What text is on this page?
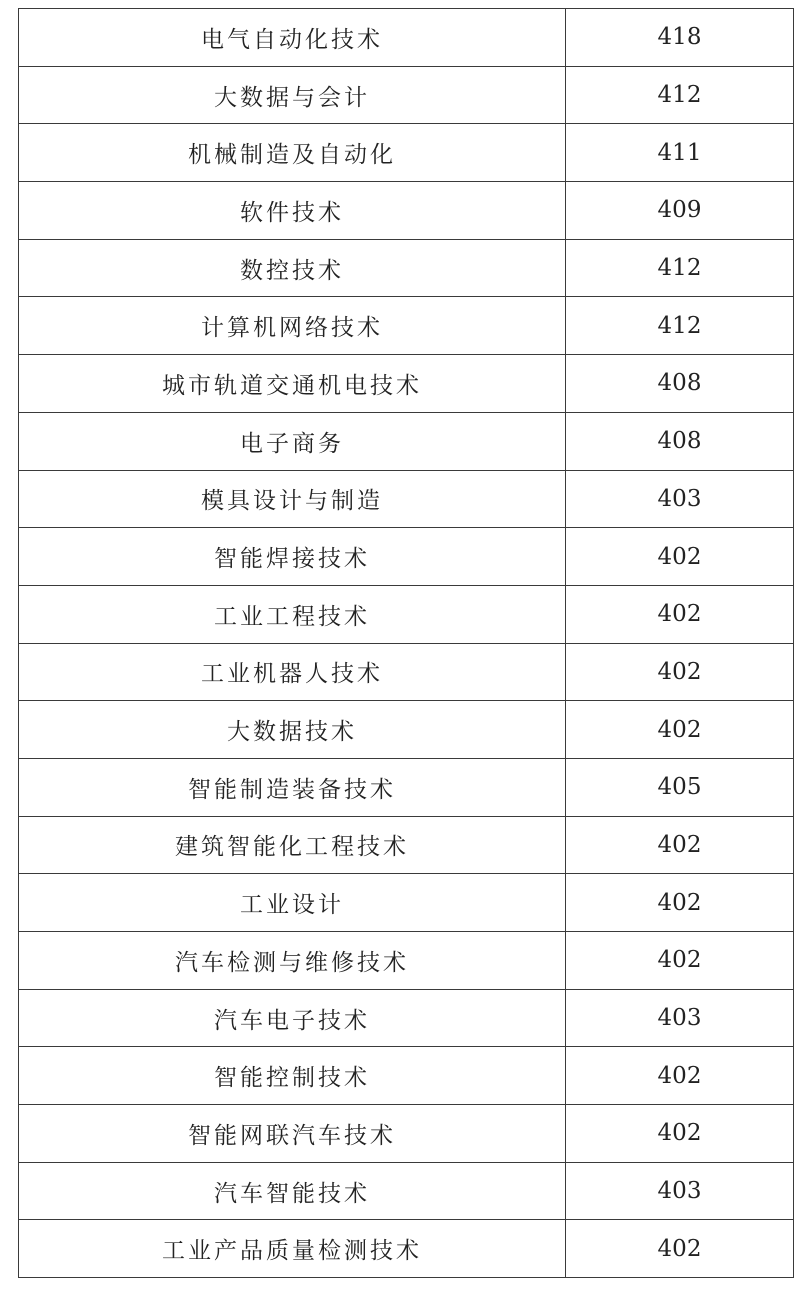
电气自动化技术	418
大数据与会计	412
机械制造及自动化	411
软件技术	409
数控技术	412
计算机网络技术	412
城市轨道交通机电技术	408
电子商务	408
模具设计与制造	403
智能焊接技术	402
工业工程技术	402
工业机器人技术	402
大数据技术	402
智能制造装备技术	405
建筑智能化工程技术	402
工业设计	402
汽车检测与维修技术	402
汽车电子技术	403
智能控制技术	402
智能网联汽车技术	402
汽车智能技术	403
工业产品质量检测技术	402
